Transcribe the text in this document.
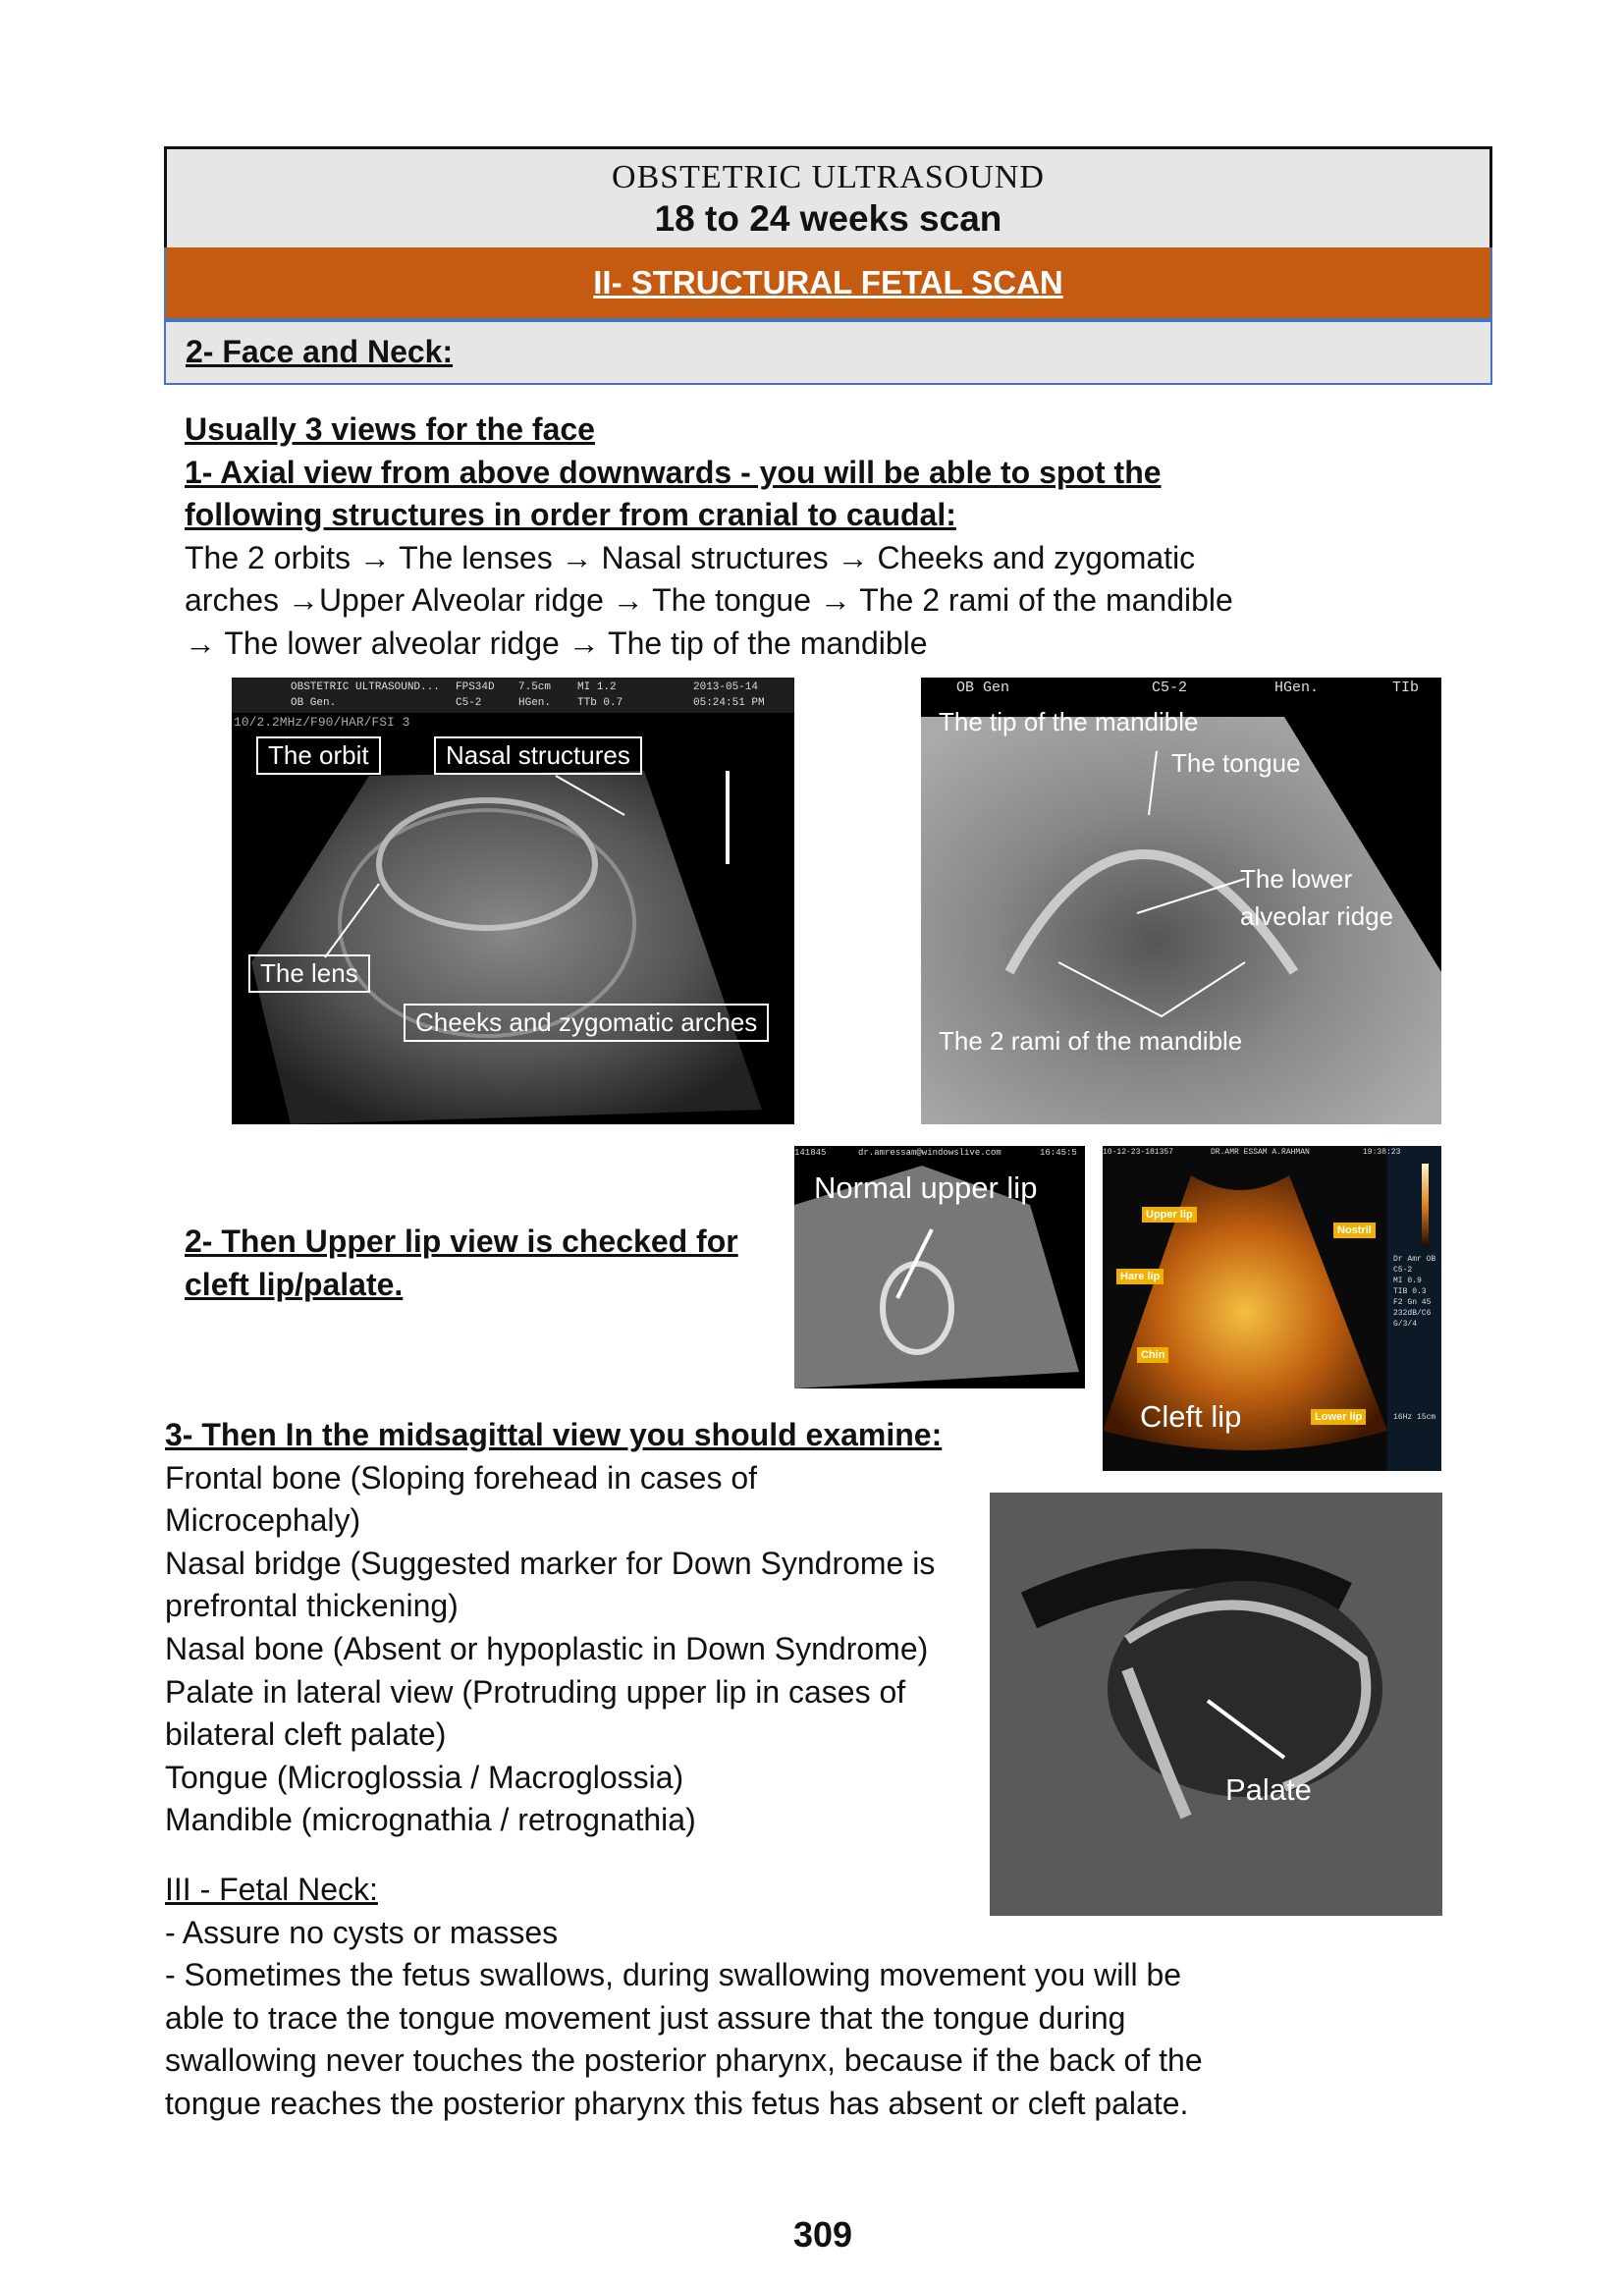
OBSTETRIC ULTRASOUND
18 to 24 weeks scan
II- STRUCTURAL FETAL SCAN
2- Face and Neck:
Usually 3 views for the face
1- Axial view from above downwards - you will be able to spot the
following structures in order from cranial to caudal:
The 2 orbits → The lenses → Nasal structures → Cheeks and zygomatic
arches →Upper Alveolar ridge → The tongue → The 2 rami of the mandible
→ The lower alveolar ridge → The tip of the mandible
OBSTETRIC ULTRASOUND...
OB Gen.
FPS34D
C5-2
7.5cm
HGen.
MI 1.2
TTb 0.7
2013-05-14
05:24:51 PM
10/2.2MHz/F90/HAR/FSI 3
The orbit	Nasal structures
The lens
Cheeks and zygomatic arches
OB Gen	C5-2	HGen.	TIb
The tip of the mandible
The tongue
The lower
alveolar ridge
The 2 rami of the mandible
2- Then Upper lip view is checked for
cleft lip/palate.
141845	dr.amressam@windowslive.com	16:45:5
Normal upper lip
10-12-23-181357	DR.AMR ESSAM A.RAHMAN	19:38:23
Dr Amr OB
C5-2
MI 0.9
TIB 0.3
F2 Gn 45
232dB/C6
G/3/4
16Hz 15cm
Upper lip
Nostril
Hare lip
Chin
Lower lip
Cleft lip
3- Then In the midsagittal view you should examine:
Frontal bone (Sloping forehead in cases of
Microcephaly)
Nasal bridge (Suggested marker for Down Syndrome is
prefrontal thickening)
Nasal bone (Absent or hypoplastic in Down Syndrome)
Palate in lateral view (Protruding upper lip in cases of
bilateral cleft palate)
Tongue (Microglossia / Macroglossia)
Mandible (micrognathia / retrognathia)
III - Fetal Neck:
- Assure no cysts or masses
- Sometimes the fetus swallows, during swallowing movement you will be
able to trace the tongue movement just assure that the tongue during
swallowing never touches the posterior pharynx, because if the back of the
tongue reaches the posterior pharynx this fetus has absent or cleft palate.
Palate
309
